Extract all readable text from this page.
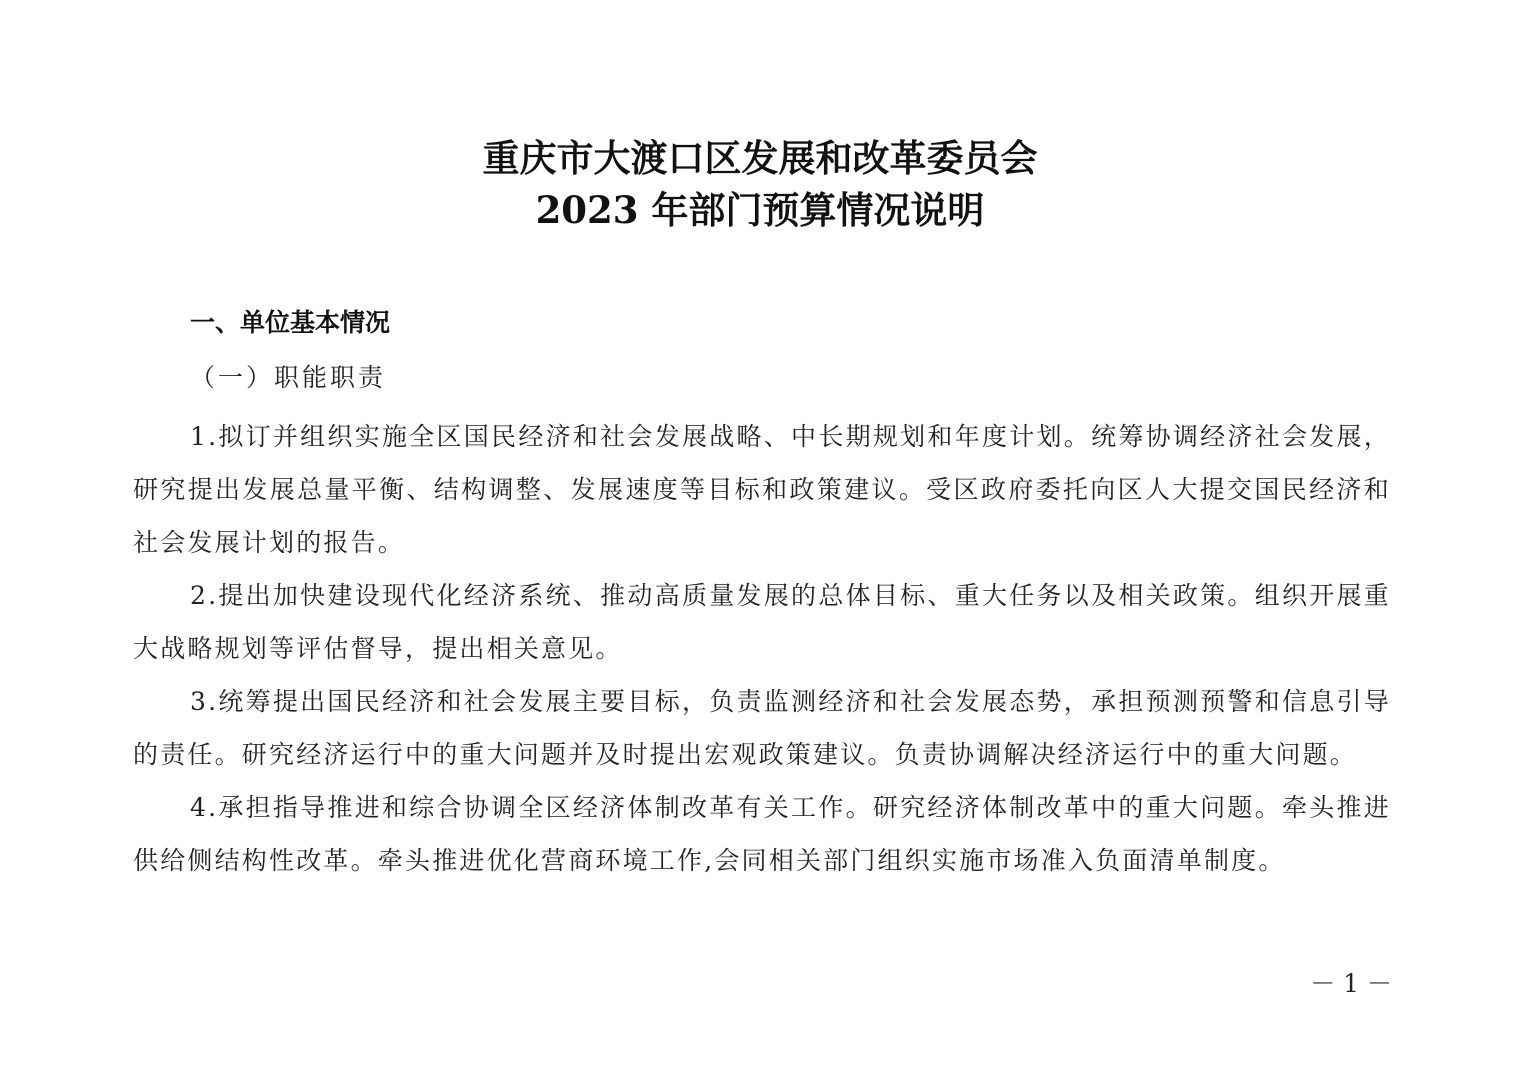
重庆市大渡口区发展和改革委员会
2023 年部门预算情况说明
一、单位基本情况
（一）职能职责

1.拟订并组织实施全区国民经济和社会发展战略、中长期规划和年度计划。统筹协调经济社会发展，研究提出发展总量平衡、结构调整、发展速度等目标和政策建议。受区政府委托向区人大提交国民经济和社会发展计划的报告。

2.提出加快建设现代化经济系统、推动高质量发展的总体目标、重大任务以及相关政策。组织开展重大战略规划等评估督导，提出相关意见。

3.统筹提出国民经济和社会发展主要目标，负责监测经济和社会发展态势，承担预测预警和信息引导的责任。研究经济运行中的重大问题并及时提出宏观政策建议。负责协调解决经济运行中的重大问题。

4.承担指导推进和综合协调全区经济体制改革有关工作。研究经济体制改革中的重大问题。牵头推进供给侧结构性改革。牵头推进优化营商环境工作,会同相关部门组织实施市场准入负面清单制度。

－ 1 －
